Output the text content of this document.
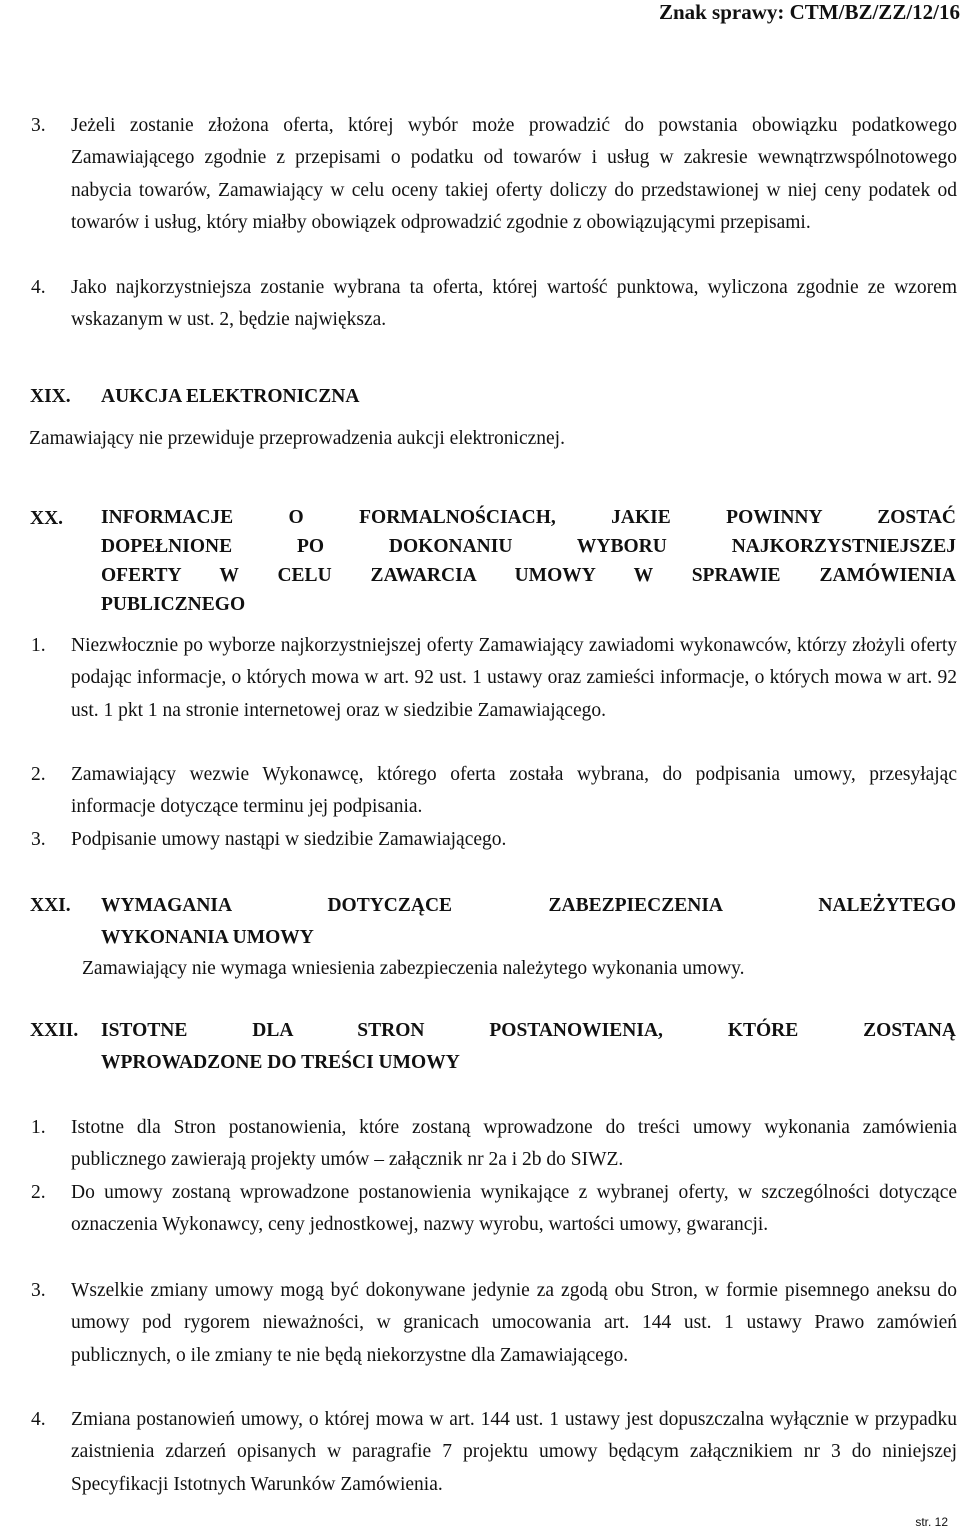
Znak sprawy: CTM/BZ/ZZ/12/16
3.	Jeżeli zostanie złożona oferta, której wybór może prowadzić do powstania obowiązku podatkowego Zamawiającego zgodnie z przepisami o podatku od towarów i usług w zakresie wewnątrzwspólnotowego nabycia towarów, Zamawiający w celu oceny takiej oferty doliczy do przedstawionej w niej ceny podatek od towarów i usług, który miałby obowiązek odprowadzić zgodnie z obowiązującymi przepisami.
4.	Jako najkorzystniejsza zostanie wybrana ta oferta, której wartość punktowa, wyliczona zgodnie ze wzorem wskazanym w ust. 2, będzie największa.
XIX.	AUKCJA ELEKTRONICZNA
Zamawiający nie przewiduje przeprowadzenia aukcji elektronicznej.
XX.	INFORMACJE O FORMALNOŚCIACH, JAKIE POWINNY ZOSTAĆ
DOPEŁNIONE PO DOKONANIU WYBORU NAJKORZYSTNIEJSZEJ
OFERTY W CELU ZAWARCIA UMOWY W SPRAWIE ZAMÓWIENIA
PUBLICZNEGO
1.	Niezwłocznie po wyborze najkorzystniejszej oferty Zamawiający zawiadomi wykonawców, którzy złożyli oferty podając informacje, o których mowa w art. 92 ust. 1 ustawy oraz zamieści informacje, o których mowa w art. 92 ust. 1 pkt 1 na stronie internetowej oraz w siedzibie Zamawiającego.
2.	Zamawiający wezwie Wykonawcę, którego oferta została wybrana, do podpisania umowy, przesyłając informacje dotyczące terminu jej podpisania.
3.	Podpisanie umowy nastąpi w siedzibie Zamawiającego.
XXI.	WYMAGANIA DOTYCZĄCE ZABEZPIECZENIA NALEŻYTEGO
WYKONANIA UMOWY
Zamawiający nie wymaga wniesienia zabezpieczenia należytego wykonania umowy.
XXII.	ISTOTNE DLA STRON POSTANOWIENIA, KTÓRE ZOSTANĄ
WPROWADZONE DO TREŚCI UMOWY
1.	Istotne dla Stron postanowienia, które zostaną wprowadzone do treści umowy wykonania zamówienia publicznego zawierają projekty umów – załącznik nr 2a i 2b do SIWZ.
2.	Do umowy zostaną wprowadzone postanowienia wynikające z wybranej oferty, w szczególności dotyczące oznaczenia Wykonawcy, ceny jednostkowej, nazwy wyrobu, wartości umowy, gwarancji.
3.	Wszelkie zmiany umowy mogą być dokonywane jedynie za zgodą obu Stron, w formie pisemnego aneksu do umowy pod rygorem nieważności, w granicach umocowania art. 144 ust. 1 ustawy Prawo zamówień publicznych, o ile zmiany te nie będą niekorzystne dla Zamawiającego.
4.	Zmiana postanowień umowy, o której mowa w art. 144 ust. 1 ustawy jest dopuszczalna wyłącznie w przypadku zaistnienia zdarzeń opisanych w paragrafie 7 projektu umowy będącym załącznikiem nr 3 do niniejszej Specyfikacji Istotnych Warunków Zamówienia.
str. 12
